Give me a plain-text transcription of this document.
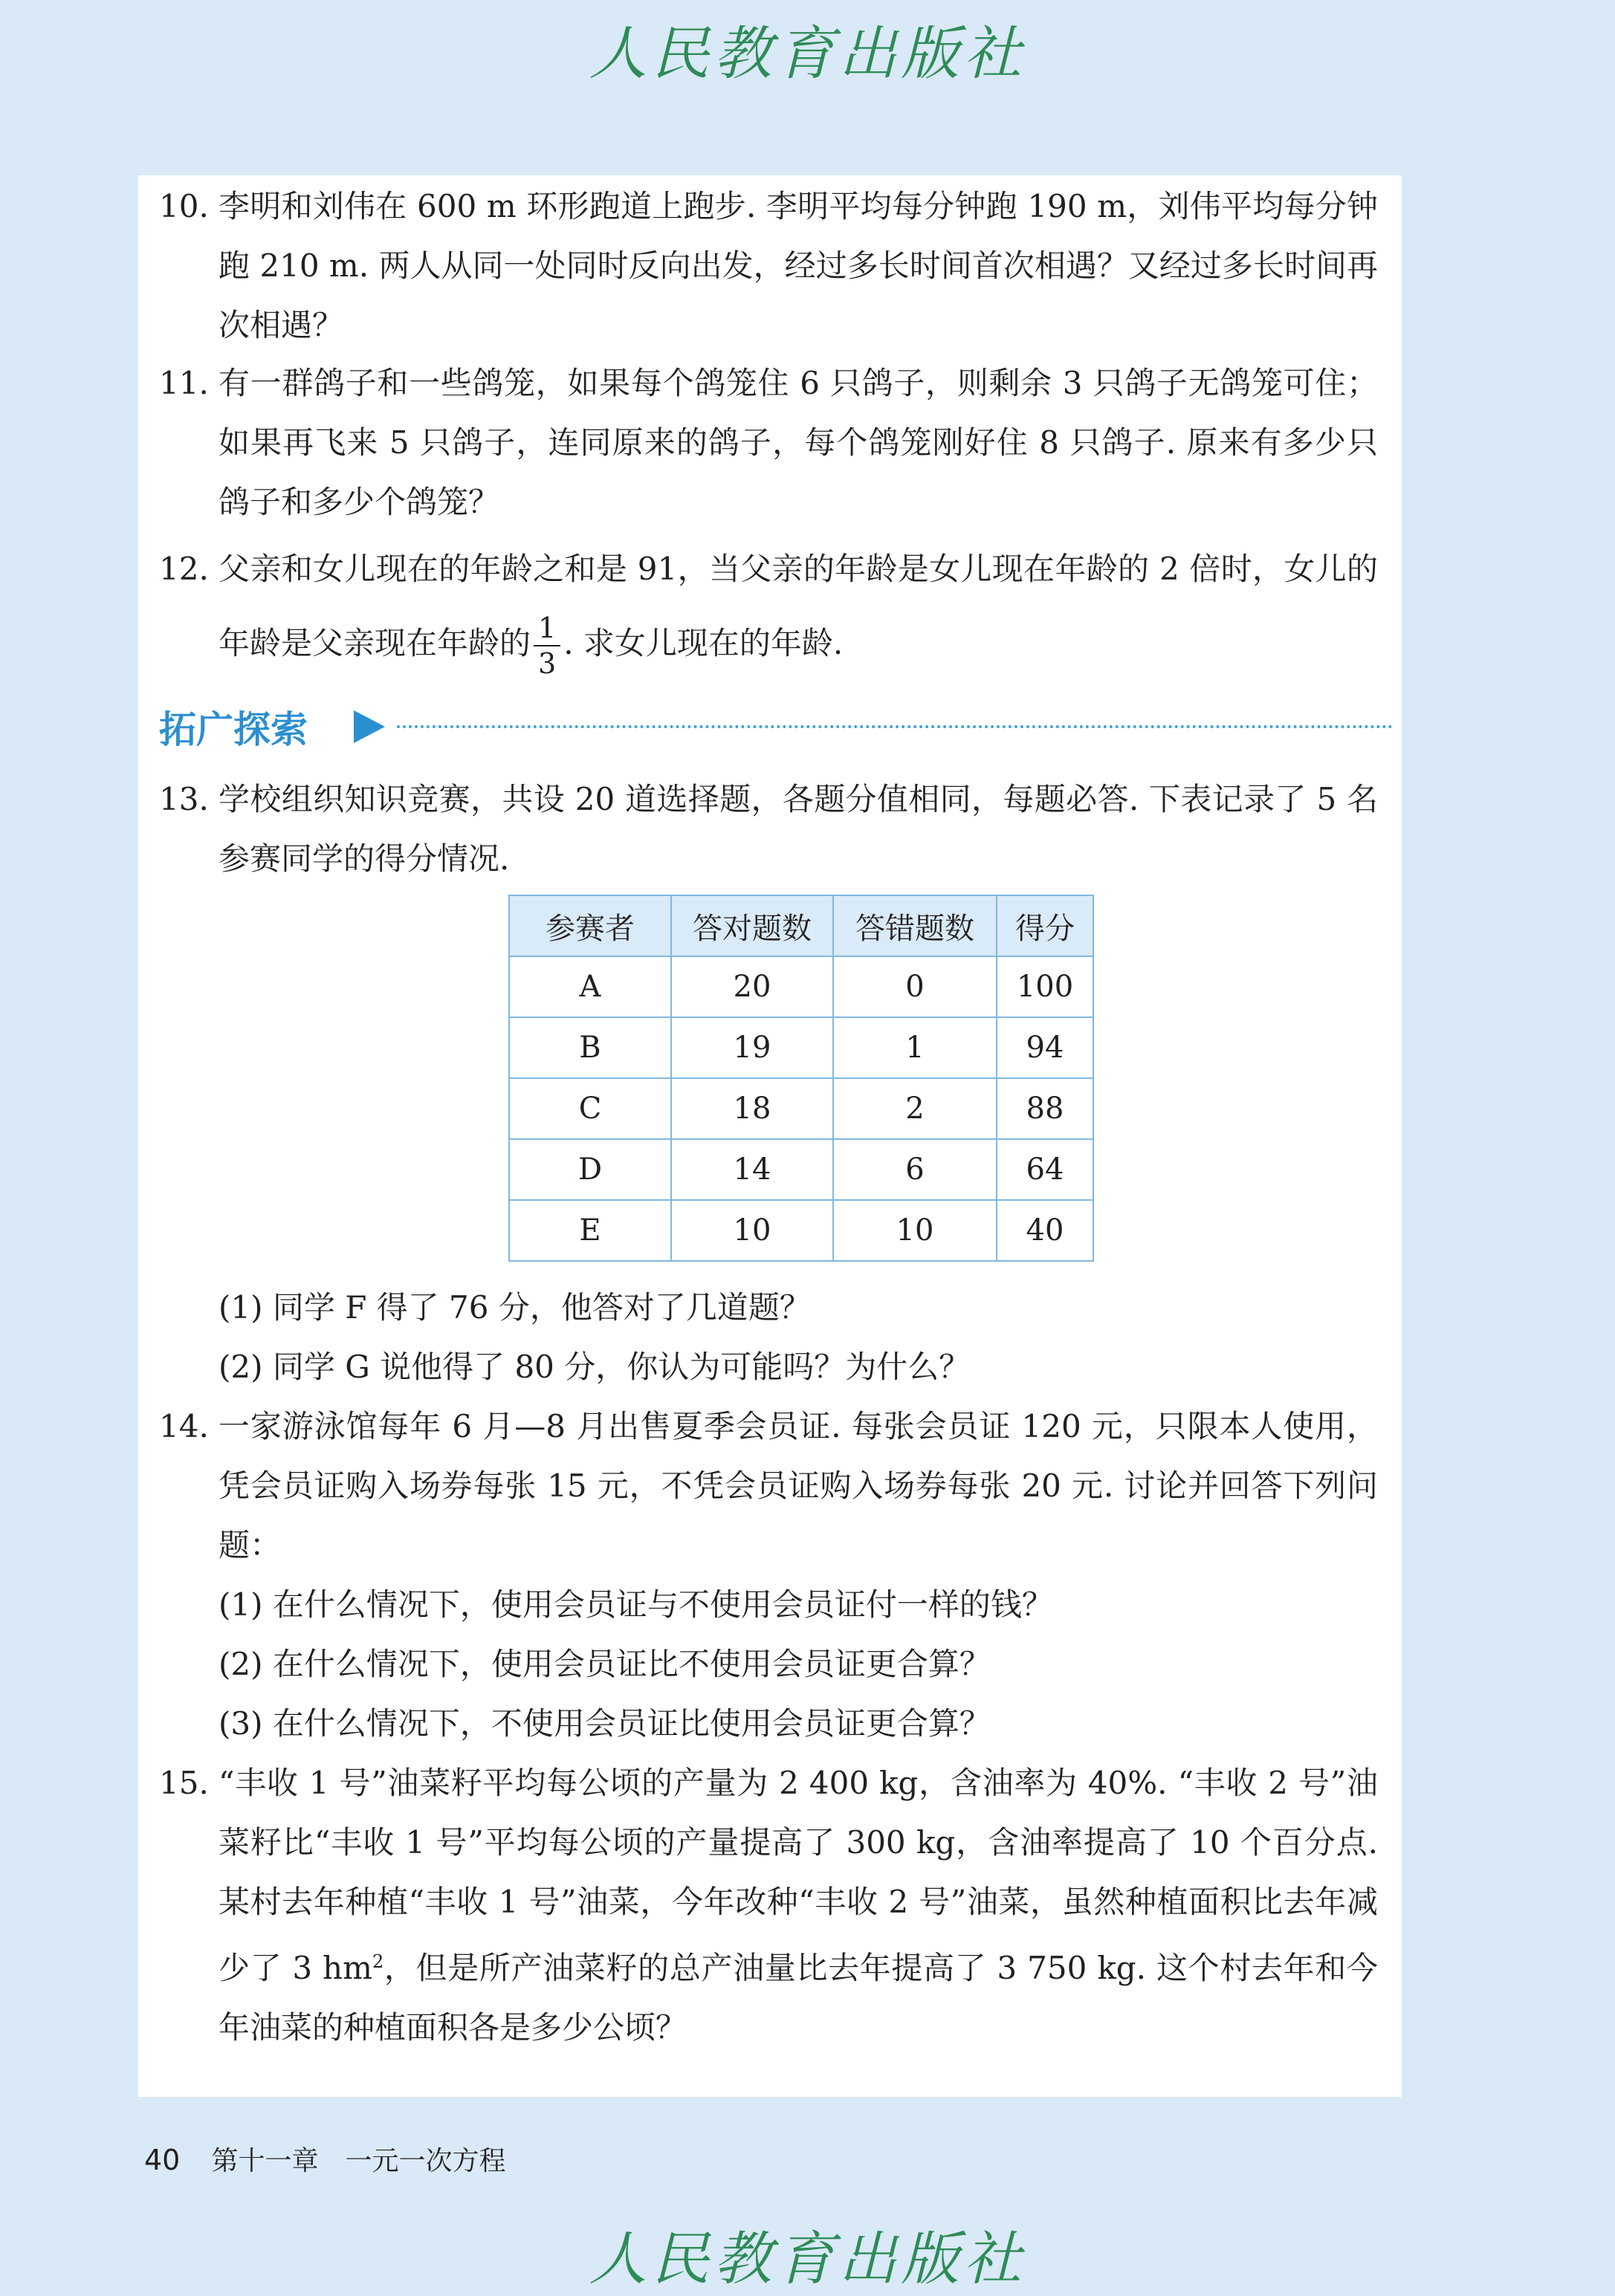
人民教育出版社
10. 李明和刘伟在 600 m 环形跑道上跑步. 李明平均每分钟跑 190 m，刘伟平均每分钟跑 210 m. 两人从同一处同时反向出发，经过多长时间首次相遇？又经过多长时间再次相遇？
11. 有一群鸽子和一些鸽笼，如果每个鸽笼住 6 只鸽子，则剩余 3 只鸽子无鸽笼可住；如果再飞来 5 只鸽子，连同原来的鸽子，每个鸽笼刚好住 8 只鸽子. 原来有多少只鸽子和多少个鸽笼？
12. 父亲和女儿现在的年龄之和是 91，当父亲的年龄是女儿现在年龄的 2 倍时，女儿的年龄是父亲现在年龄的 $\frac{1}{3}$ . 求女儿现在的年龄.
拓广探索
13. 学校组织知识竞赛，共设 20 道选择题，各题分值相同，每题必答. 下表记录了 5 名参赛同学的得分情况.
参赛者	答对题数	答错题数	得分
A	20	0	100
B	19	1	94
C	18	2	88
D	14	6	64
E	10	10	40
(1) 同学 F 得了 76 分，他答对了几道题？
(2) 同学 G 说他得了 80 分，你认为可能吗？为什么？
14. 一家游泳馆每年 6 月—8 月出售夏季会员证. 每张会员证 120 元，只限本人使用，凭会员证购入场券每张 15 元，不凭会员证购入场券每张 20 元. 讨论并回答下列问题：
(1) 在什么情况下，使用会员证与不使用会员证付一样的钱？
(2) 在什么情况下，使用会员证比不使用会员证更合算？
(3) 在什么情况下，不使用会员证比使用会员证更合算？
15. “丰收 1 号”油菜籽平均每公顷的产量为 2 400 kg，含油率为 40%. “丰收 2 号”油菜籽比“丰收 1 号”平均每公顷的产量提高了 300 kg，含油率提高了 10 个百分点. 某村去年种植“丰收 1 号”油菜，今年改种“丰收 2 号”油菜，虽然种植面积比去年减少了 3 $hm^2$，但是所产油菜籽的总产油量比去年提高了 3 750 kg. 这个村去年和今年油菜的种植面积各是多少公顷？
40 第十一章　一元一次方程
人民教育出版社
